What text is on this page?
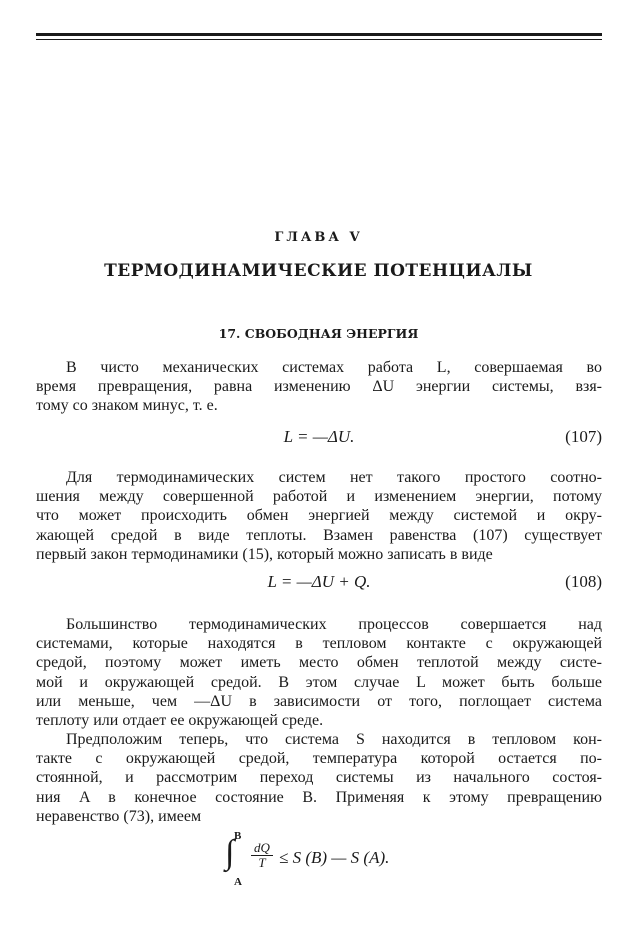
ГЛАВА V
ТЕРМОДИНАМИЧЕСКИЕ ПОТЕНЦИАЛЫ
17. СВОБОДНАЯ ЭНЕРГИЯ
В чисто механических системах работа L, совершаемая во
время превращения, равна изменению ΔU энергии системы, взя-
тому со знаком минус, т. е.
L = —ΔU.	(107)
Для термодинамических систем нет такого простого соотно-
шения между совершенной работой и изменением энергии, потому
что может происходить обмен энергией между системой и окру-
жающей средой в виде теплоты. Взамен равенства (107) существует
первый закон термодинамики (15), который можно записать в виде
L = —ΔU + Q.	(108)
Большинство термодинамических процессов совершается над
системами, которые находятся в тепловом контакте с окружающей
средой, поэтому может иметь место обмен теплотой между систе-
мой и окружающей средой. В этом случае L может быть больше
или меньше, чем —ΔU в зависимости от того, поглощает система
теплоту или отдает ее окружающей среде.
Предположим теперь, что система S находится в тепловом кон-
такте с окружающей средой, температура которой остается по-
стоянной, и рассмотрим переход системы из начального состоя-
ния A в конечное состояние B. Применяя к этому превращению
неравенство (73), имеем
B
∫
A
$\frac{dQ}{T} \le S$ (B) — S (A).
